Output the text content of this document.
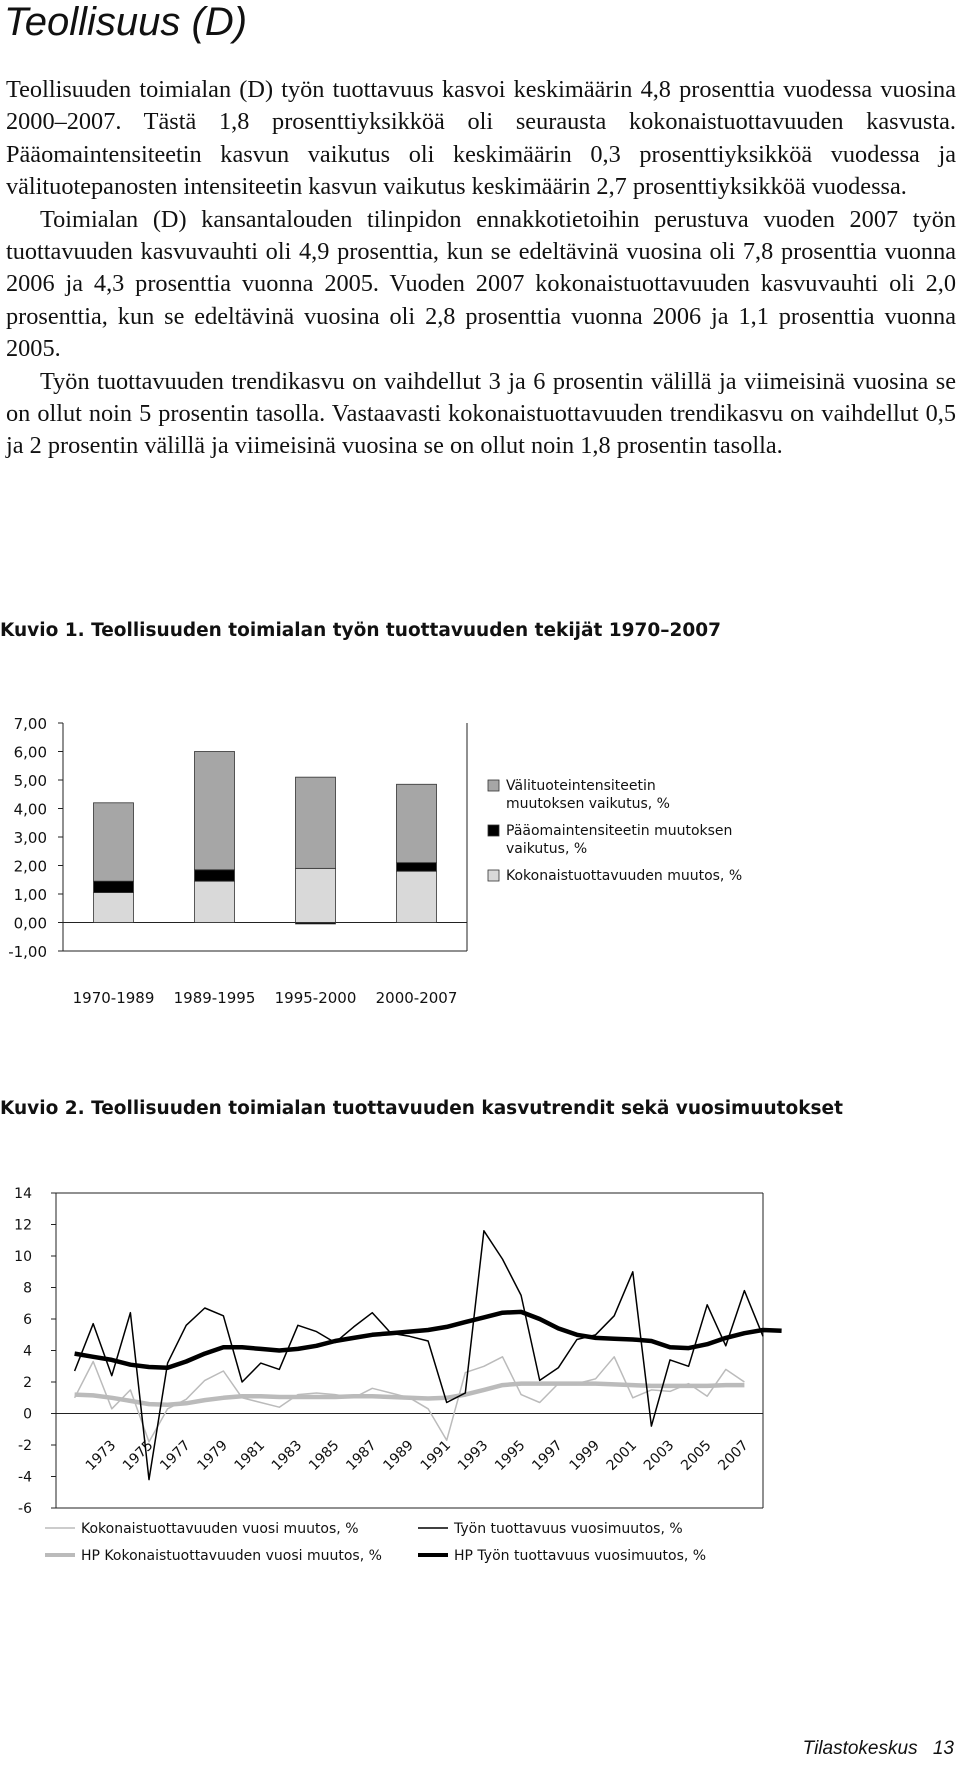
Teollisuus (D)

Teollisuuden toimialan (D) työn tuottavuus kasvoi keskimäärin 4,8 prosenttia vuodessa vuosina 2000–2007. Tästä 1,8 prosenttiyksikköä oli seurausta kokonaistuottavuuden kasvusta. Pääomaintensiteetin kasvun vaikutus oli keskimäärin 0,3 prosenttiyksikköä vuodessa ja välituotepanosten intensiteetin kasvun vaikutus keskimäärin 2,7 prosenttiyksikköä vuodessa.

Toimialan (D) kansantalouden tilinpidon ennakkotietoihin perustuva vuoden 2007 työn tuottavuuden kasvuvauhti oli 4,9 prosenttia, kun se edeltävinä vuosina oli 7,8 prosenttia vuonna 2006 ja 4,3 prosenttia vuonna 2005. Vuoden 2007 kokonaistuottavuuden kasvuvauhti oli 2,0 prosenttia, kun se edeltävinä vuosina oli 2,8 prosenttia vuonna 2006 ja 1,1 prosenttia vuonna 2005.

Työn tuottavuuden trendikasvu on vaihdellut 3 ja 6 prosentin välillä ja viimeisinä vuosina se on ollut noin 5 prosentin tasolla. Vastaavasti kokonaistuottavuuden trendikasvu on vaihdellut 0,5 ja 2 prosentin välillä ja viimeisinä vuosina se on ollut noin 1,8 prosentin tasolla.

Kuvio 1. Teollisuuden toimialan työn tuottavuuden tekijät 1970–2007
7,00
6,00
5,00
4,00
3,00
2,00
1,00
0,00
-1,00
1970-1989 1989-1995 1995-2000 2000-2007
Välituoteintensiteetin muutoksen vaikutus, %
Pääomaintensiteetin muutoksen vaikutus, %
Kokonaistuottavuuden muutos, %
Kuvio 2. Teollisuuden toimialan tuottavuuden kasvutrendit sekä vuosimuutokset
14
12
10
8
6
4
2
0
-2
-4
-6
1973 1975 1977 1979 1981 1983 1985 1987 1989 1991 1993 1995 1997 1999 2001 2003 2005 2007
Kokonaistuottavuuden vuosi muutos, %	Työn tuottavuus vuosimuutos, %
HP Kokonaistuottavuuden vuosi muutos, %	HP Työn tuottavuus vuosimuutos, %
Tilastokeskus 13
